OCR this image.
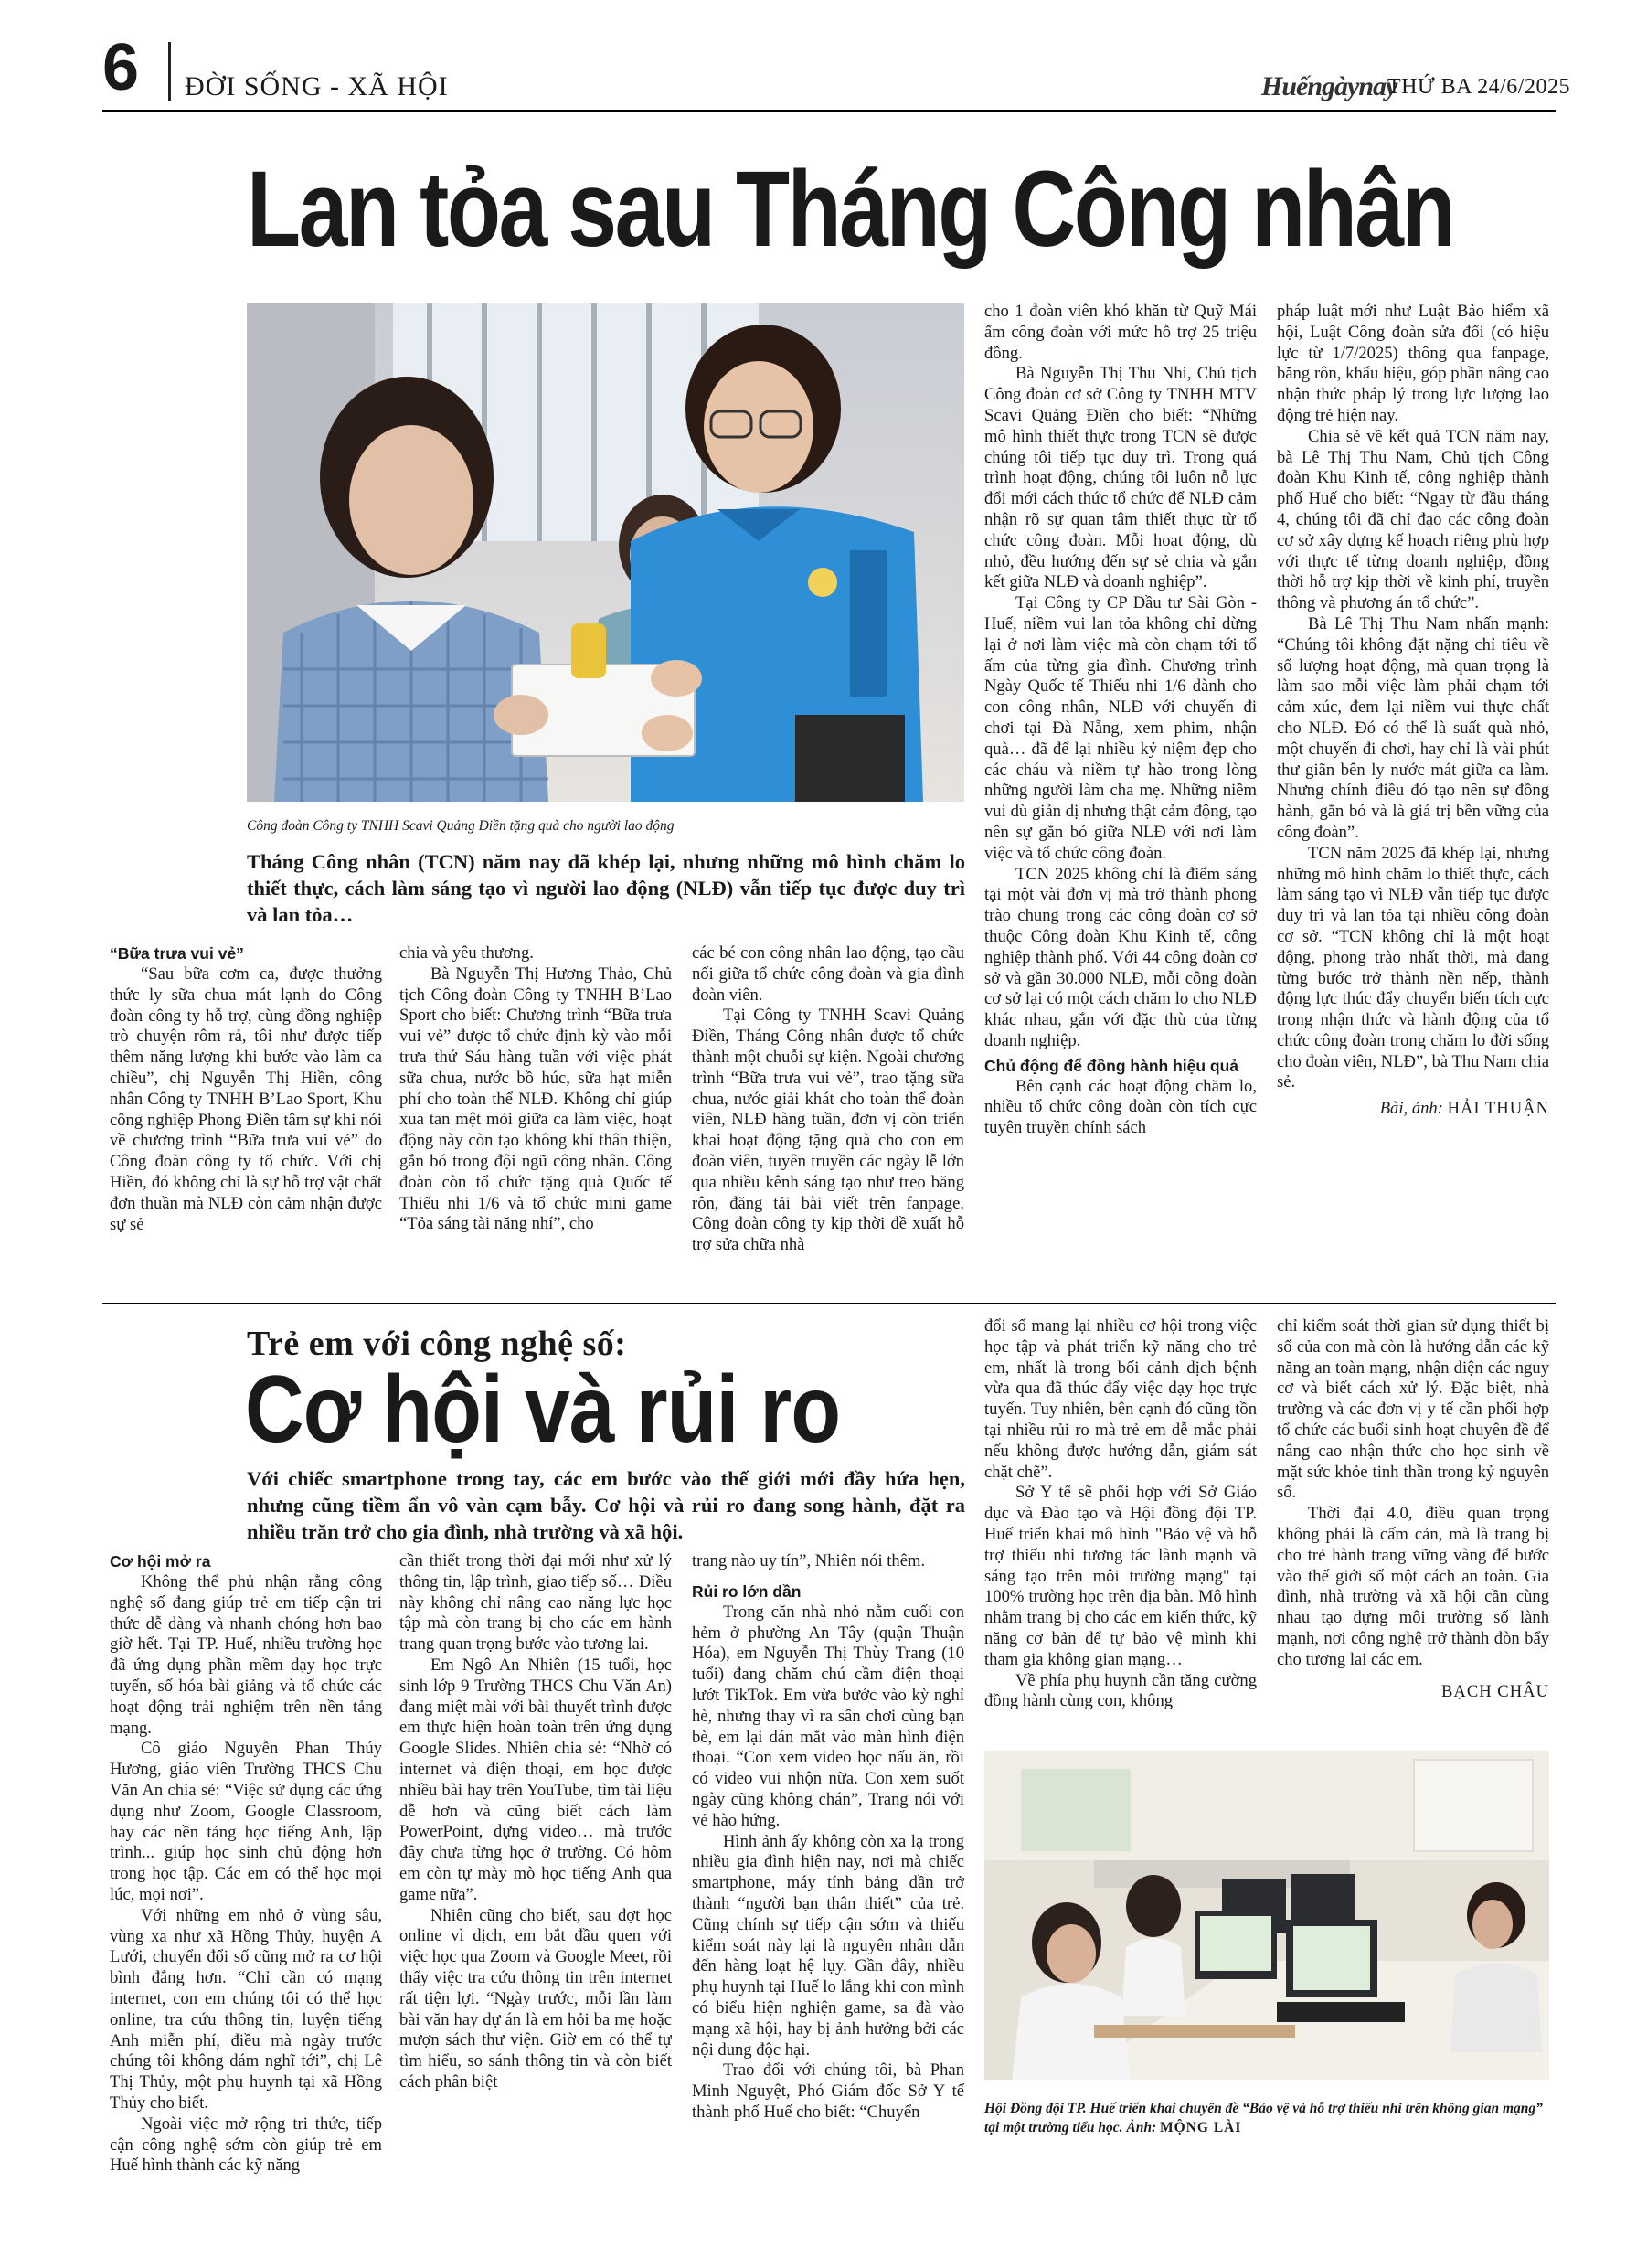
6 ĐỜI SỐNG - XÃ HỘI	Huếngàynay
THỨ BA 24/6/2025
Lan tỏa sau Tháng Công nhân
Công đoàn Công ty TNHH Scavi Quảng Điền tặng quà cho người lao động
Tháng Công nhân (TCN) năm nay đã khép lại, nhưng những mô hình chăm lo thiết thực, cách làm sáng tạo vì người lao động (NLĐ) vẫn tiếp tục được duy trì và lan tỏa…
“Bữa trưa vui vẻ”

“Sau bữa cơm ca, được thưởng thức ly sữa chua mát lạnh do Công đoàn công ty hỗ trợ, cùng đồng nghiệp trò chuyện rôm rả, tôi như được tiếp thêm năng lượng khi bước vào làm ca chiều”, chị Nguyễn Thị Hiền, công nhân Công ty TNHH B’Lao Sport, Khu công nghiệp Phong Điền tâm sự khi nói về chương trình “Bữa trưa vui vẻ” do Công đoàn công ty tổ chức. Với chị Hiền, đó không chỉ là sự hỗ trợ vật chất đơn thuần mà NLĐ còn cảm nhận được sự sẻ

chia và yêu thương.

Bà Nguyễn Thị Hương Thảo, Chủ tịch Công đoàn Công ty TNHH B’Lao Sport cho biết: Chương trình “Bữa trưa vui vẻ” được tổ chức định kỳ vào mỗi trưa thứ Sáu hàng tuần với việc phát sữa chua, nước bồ húc, sữa hạt miễn phí cho toàn thể NLĐ. Không chỉ giúp xua tan mệt mỏi giữa ca làm việc, hoạt động này còn tạo không khí thân thiện, gắn bó trong đội ngũ công nhân. Công đoàn còn tổ chức tặng quà Quốc tế Thiếu nhi 1/6 và tổ chức mini game “Tỏa sáng tài năng nhí”, cho

các bé con công nhân lao động, tạo cầu nối giữa tổ chức công đoàn và gia đình đoàn viên.

Tại Công ty TNHH Scavi Quảng Điền, Tháng Công nhân được tổ chức thành một chuỗi sự kiện. Ngoài chương trình “Bữa trưa vui vẻ”, trao tặng sữa chua, nước giải khát cho toàn thể đoàn viên, NLĐ hàng tuần, đơn vị còn triển khai hoạt động tặng quà cho con em đoàn viên, tuyên truyền các ngày lễ lớn qua nhiều kênh sáng tạo như treo băng rôn, đăng tải bài viết trên fanpage. Công đoàn công ty kịp thời đề xuất hỗ trợ sửa chữa nhà

cho 1 đoàn viên khó khăn từ Quỹ Mái ấm công đoàn với mức hỗ trợ 25 triệu đồng.

Bà Nguyễn Thị Thu Nhi, Chủ tịch Công đoàn cơ sở Công ty TNHH MTV Scavi Quảng Điền cho biết: “Những mô hình thiết thực trong TCN sẽ được chúng tôi tiếp tục duy trì. Trong quá trình hoạt động, chúng tôi luôn nỗ lực đổi mới cách thức tổ chức để NLĐ cảm nhận rõ sự quan tâm thiết thực từ tổ chức công đoàn. Mỗi hoạt động, dù nhỏ, đều hướng đến sự sẻ chia và gắn kết giữa NLĐ và doanh nghiệp”.

Tại Công ty CP Đầu tư Sài Gòn - Huế, niềm vui lan tỏa không chỉ dừng lại ở nơi làm việc mà còn chạm tới tổ ấm của từng gia đình. Chương trình Ngày Quốc tế Thiếu nhi 1/6 dành cho con công nhân, NLĐ với chuyến đi chơi tại Đà Nẵng, xem phim, nhận quà… đã để lại nhiều kỷ niệm đẹp cho các cháu và niềm tự hào trong lòng những người làm cha mẹ. Những niềm vui dù giản dị nhưng thật cảm động, tạo nên sự gắn bó giữa NLĐ với nơi làm việc và tổ chức công đoàn.

TCN 2025 không chỉ là điểm sáng tại một vài đơn vị mà trở thành phong trào chung trong các công đoàn cơ sở thuộc Công đoàn Khu Kinh tế, công nghiệp thành phố. Với 44 công đoàn cơ sở và gần 30.000 NLĐ, mỗi công đoàn cơ sở lại có một cách chăm lo cho NLĐ khác nhau, gắn với đặc thù của từng doanh nghiệp.

Chủ động để đồng hành hiệu quả

Bên cạnh các hoạt động chăm lo, nhiều tổ chức công đoàn còn tích cực tuyên truyền chính sách

pháp luật mới như Luật Bảo hiểm xã hội, Luật Công đoàn sửa đổi (có hiệu lực từ 1/7/2025) thông qua fanpage, băng rôn, khẩu hiệu, góp phần nâng cao nhận thức pháp lý trong lực lượng lao động trẻ hiện nay.

Chia sẻ về kết quả TCN năm nay, bà Lê Thị Thu Nam, Chủ tịch Công đoàn Khu Kinh tế, công nghiệp thành phố Huế cho biết: “Ngay từ đầu tháng 4, chúng tôi đã chỉ đạo các công đoàn cơ sở xây dựng kế hoạch riêng phù hợp với thực tế từng doanh nghiệp, đồng thời hỗ trợ kịp thời về kinh phí, truyền thông và phương án tổ chức”.

Bà Lê Thị Thu Nam nhấn mạnh: “Chúng tôi không đặt nặng chỉ tiêu về số lượng hoạt động, mà quan trọng là làm sao mỗi việc làm phải chạm tới cảm xúc, đem lại niềm vui thực chất cho NLĐ. Đó có thể là suất quà nhỏ, một chuyến đi chơi, hay chỉ là vài phút thư giãn bên ly nước mát giữa ca làm. Nhưng chính điều đó tạo nên sự đồng hành, gắn bó và là giá trị bền vững của công đoàn”.

TCN năm 2025 đã khép lại, nhưng những mô hình chăm lo thiết thực, cách làm sáng tạo vì NLĐ vẫn tiếp tục được duy trì và lan tỏa tại nhiều công đoàn cơ sở. “TCN không chỉ là một hoạt động, phong trào nhất thời, mà đang từng bước trở thành nền nếp, thành động lực thúc đẩy chuyển biến tích cực trong nhận thức và hành động của tổ chức công đoàn trong chăm lo đời sống cho đoàn viên, NLĐ”, bà Thu Nam chia sẻ.

Bài, ảnh: HẢI THUẬN

Trẻ em với công nghệ số:
Cơ hội và rủi ro
Với chiếc smartphone trong tay, các em bước vào thế giới mới đầy hứa hẹn, nhưng cũng tiềm ẩn vô vàn cạm bẫy. Cơ hội và rủi ro đang song hành, đặt ra nhiều trăn trở cho gia đình, nhà trường và xã hội.
Cơ hội mở ra

Không thể phủ nhận rằng công nghệ số đang giúp trẻ em tiếp cận tri thức dễ dàng và nhanh chóng hơn bao giờ hết. Tại TP. Huế, nhiều trường học đã ứng dụng phần mềm dạy học trực tuyến, số hóa bài giảng và tổ chức các hoạt động trải nghiệm trên nền tảng mạng.

Cô giáo Nguyễn Phan Thúy Hương, giáo viên Trường THCS Chu Văn An chia sẻ: “Việc sử dụng các ứng dụng như Zoom, Google Classroom, hay các nền tảng học tiếng Anh, lập trình... giúp học sinh chủ động hơn trong học tập. Các em có thể học mọi lúc, mọi nơi”.

Với những em nhỏ ở vùng sâu, vùng xa như xã Hồng Thủy, huyện A Lưới, chuyển đổi số cũng mở ra cơ hội bình đẳng hơn. “Chỉ cần có mạng internet, con em chúng tôi có thể học online, tra cứu thông tin, luyện tiếng Anh miễn phí, điều mà ngày trước chúng tôi không dám nghĩ tới”, chị Lê Thị Thủy, một phụ huynh tại xã Hồng Thủy cho biết.

Ngoài việc mở rộng tri thức, tiếp cận công nghệ sớm còn giúp trẻ em Huế hình thành các kỹ năng

cần thiết trong thời đại mới như xử lý thông tin, lập trình, giao tiếp số… Điều này không chỉ nâng cao năng lực học tập mà còn trang bị cho các em hành trang quan trọng bước vào tương lai.

Em Ngô An Nhiên (15 tuổi, học sinh lớp 9 Trường THCS Chu Văn An) đang miệt mài với bài thuyết trình được em thực hiện hoàn toàn trên ứng dụng Google Slides. Nhiên chia sẻ: “Nhờ có internet và điện thoại, em học được nhiều bài hay trên YouTube, tìm tài liệu dễ hơn và cũng biết cách làm PowerPoint, dựng video… mà trước đây chưa từng học ở trường. Có hôm em còn tự mày mò học tiếng Anh qua game nữa”.

Nhiên cũng cho biết, sau đợt học online vì dịch, em bắt đầu quen với việc học qua Zoom và Google Meet, rồi thấy việc tra cứu thông tin trên internet rất tiện lợi. “Ngày trước, mỗi lần làm bài văn hay dự án là em hỏi ba mẹ hoặc mượn sách thư viện. Giờ em có thể tự tìm hiểu, so sánh thông tin và còn biết cách phân biệt

trang nào uy tín”, Nhiên nói thêm.

Rủi ro lớn dần

Trong căn nhà nhỏ nằm cuối con hẻm ở phường An Tây (quận Thuận Hóa), em Nguyễn Thị Thùy Trang (10 tuổi) đang chăm chú cầm điện thoại lướt TikTok. Em vừa bước vào kỳ nghỉ hè, nhưng thay vì ra sân chơi cùng bạn bè, em lại dán mắt vào màn hình điện thoại. “Con xem video học nấu ăn, rồi có video vui nhộn nữa. Con xem suốt ngày cũng không chán”, Trang nói với vẻ hào hứng.

Hình ảnh ấy không còn xa lạ trong nhiều gia đình hiện nay, nơi mà chiếc smartphone, máy tính bảng dần trở thành “người bạn thân thiết” của trẻ. Cũng chính sự tiếp cận sớm và thiếu kiểm soát này lại là nguyên nhân dẫn đến hàng loạt hệ lụy. Gần đây, nhiều phụ huynh tại Huế lo lắng khi con mình có biểu hiện nghiện game, sa đà vào mạng xã hội, hay bị ảnh hưởng bởi các nội dung độc hại.

Trao đổi với chúng tôi, bà Phan Minh Nguyệt, Phó Giám đốc Sở Y tế thành phố Huế cho biết: “Chuyển

đổi số mang lại nhiều cơ hội trong việc học tập và phát triển kỹ năng cho trẻ em, nhất là trong bối cảnh dịch bệnh vừa qua đã thúc đẩy việc dạy học trực tuyến. Tuy nhiên, bên cạnh đó cũng tồn tại nhiều rủi ro mà trẻ em dễ mắc phải nếu không được hướng dẫn, giám sát chặt chẽ”.

Sở Y tế sẽ phối hợp với Sở Giáo dục và Đào tạo và Hội đồng đội TP. Huế triển khai mô hình "Bảo vệ và hỗ trợ thiếu nhi tương tác lành mạnh và sáng tạo trên môi trường mạng" tại 100% trường học trên địa bàn. Mô hình nhằm trang bị cho các em kiến thức, kỹ năng cơ bản để tự bảo vệ mình khi tham gia không gian mạng…

Về phía phụ huynh cần tăng cường đồng hành cùng con, không

chỉ kiểm soát thời gian sử dụng thiết bị số của con mà còn là hướng dẫn các kỹ năng an toàn mạng, nhận diện các nguy cơ và biết cách xử lý. Đặc biệt, nhà trường và các đơn vị y tế cần phối hợp tổ chức các buổi sinh hoạt chuyên đề để nâng cao nhận thức cho học sinh về mặt sức khỏe tinh thần trong kỷ nguyên số.

Thời đại 4.0, điều quan trọng không phải là cấm cản, mà là trang bị cho trẻ hành trang vững vàng để bước vào thế giới số một cách an toàn. Gia đình, nhà trường và xã hội cần cùng nhau tạo dựng môi trường số lành mạnh, nơi công nghệ trở thành đòn bẩy cho tương lai các em.

BẠCH CHÂU

Hội Đồng đội TP. Huế triển khai chuyên đề “Bảo vệ và hỗ trợ thiếu nhi trên không gian mạng” tại một trường tiểu học. Ảnh: MỘNG LÀI
